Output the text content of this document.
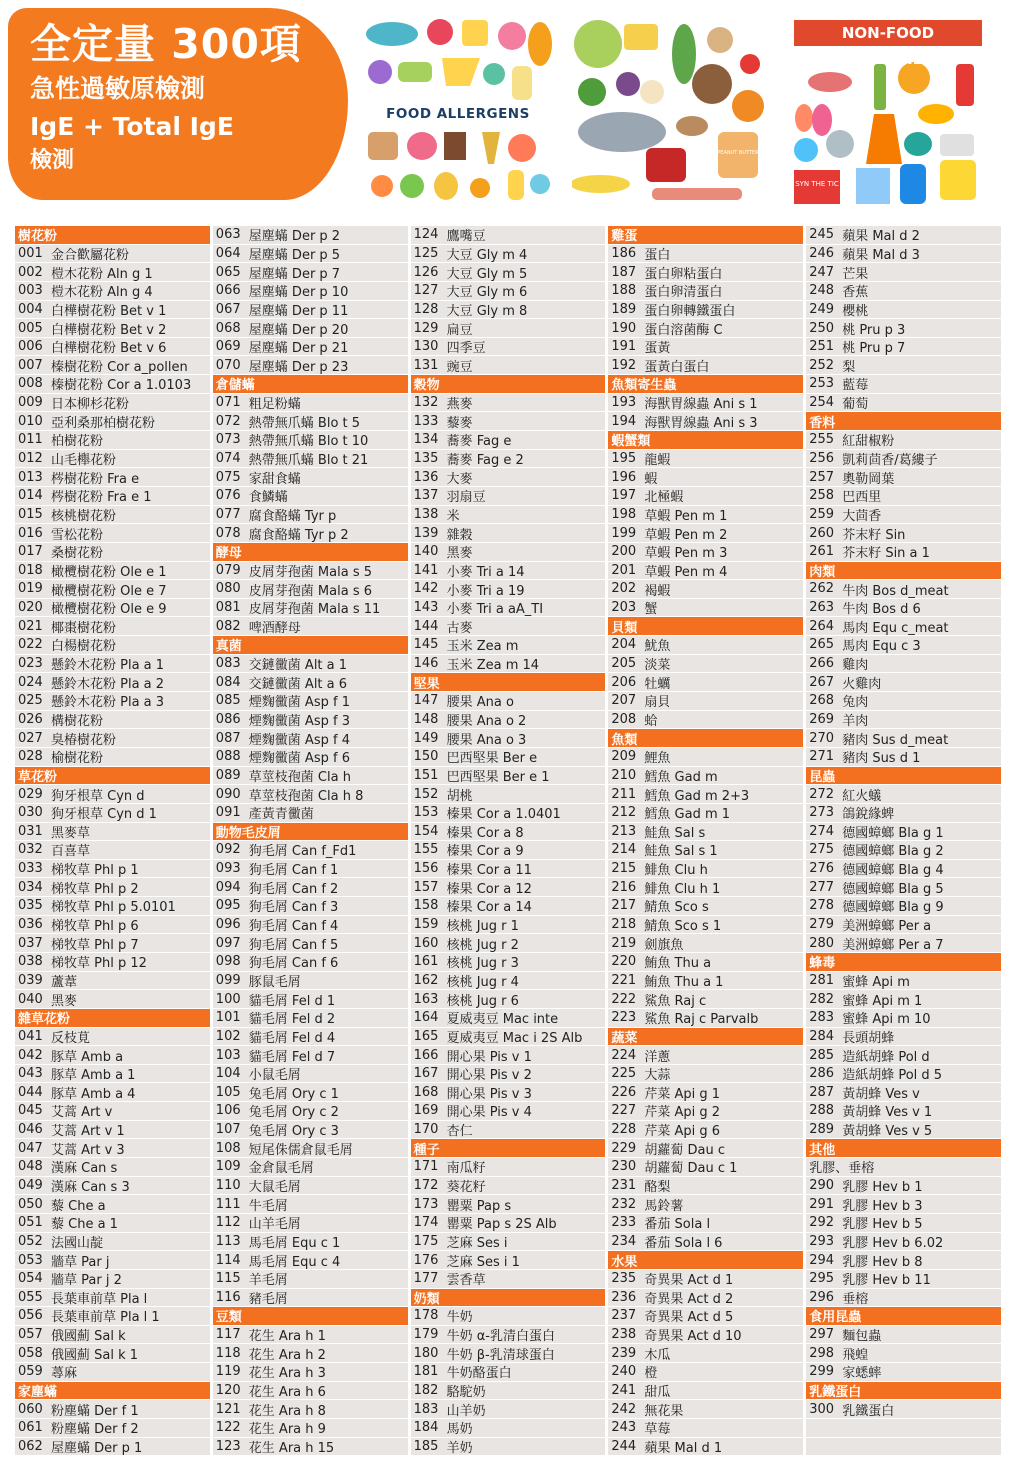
全定量 300項
急性過敏原檢測
IgE + Total IgE
檢測
FOOD ALLERGENS
PEANUT BUTTER
SYN THE TIC
NON-FOOD ALLERGIES
樹花粉
001 金合歡屬花粉
002 榿木花粉 Aln g 1
003 榿木花粉 Aln g 4
004 白樺樹花粉 Bet v 1
005 白樺樹花粉 Bet v 2
006 白樺樹花粉 Bet v 6
007 榛樹花粉 Cor a_pollen
008 榛樹花粉 Cor a 1.0103
009 日本柳杉花粉
010 亞利桑那柏樹花粉
011 柏樹花粉
012 山毛櫸花粉
013 梣樹花粉 Fra e
014 梣樹花粉 Fra e 1
015 核桃樹花粉
016 雪松花粉
017 桑樹花粉
018 橄欖樹花粉 Ole e 1
019 橄欖樹花粉 Ole e 7
020 橄欖樹花粉 Ole e 9
021 椰棗樹花粉
022 白楊樹花粉
023 懸鈴木花粉 Pla a 1
024 懸鈴木花粉 Pla a 2
025 懸鈴木花粉 Pla a 3
026 構樹花粉
027 臭椿樹花粉
028 榆樹花粉
草花粉
029 狗牙根草 Cyn d
030 狗牙根草 Cyn d 1
031 黑麥草
032 百喜草
033 梯牧草 Phl p 1
034 梯牧草 Phl p 2
035 梯牧草 Phl p 5.0101
036 梯牧草 Phl p 6
037 梯牧草 Phl p 7
038 梯牧草 Phl p 12
039 蘆葦
040 黑麥
雜草花粉
041 反枝莧
042 豚草 Amb a
043 豚草 Amb a 1
044 豚草 Amb a 4
045 艾蒿 Art v
046 艾蒿 Art v 1
047 艾蒿 Art v 3
048 漢麻 Can s
049 漢麻 Can s 3
050 藜 Che a
051 藜 Che a 1
052 法國山靛
053 牆草 Par j
054 牆草 Par j 2
055 長葉車前草 Pla l
056 長葉車前草 Pla l 1
057 俄國薊 Sal k
058 俄國薊 Sal k 1
059 蕁麻
家塵蟎
060 粉塵蟎 Der f 1
061 粉塵蟎 Der f 2
062 屋塵蟎 Der p 1
063 屋塵蟎 Der p 2
064 屋塵蟎 Der p 5
065 屋塵蟎 Der p 7
066 屋塵蟎 Der p 10
067 屋塵蟎 Der p 11
068 屋塵蟎 Der p 20
069 屋塵蟎 Der p 21
070 屋塵蟎 Der p 23
倉儲蟎
071 粗足粉蟎
072 熱帶無爪蟎 Blo t 5
073 熱帶無爪蟎 Blo t 10
074 熱帶無爪蟎 Blo t 21
075 家甜食蟎
076 食鱗蟎
077 腐食酪蟎 Tyr p
078 腐食酪蟎 Tyr p 2
酵母
079 皮屑芽孢菌 Mala s 5
080 皮屑芽孢菌 Mala s 6
081 皮屑芽孢菌 Mala s 11
082 啤酒酵母
真菌
083 交鏈黴菌 Alt a 1
084 交鏈黴菌 Alt a 6
085 煙麴黴菌 Asp f 1
086 煙麴黴菌 Asp f 3
087 煙麴黴菌 Asp f 4
088 煙麴黴菌 Asp f 6
089 草莖枝孢菌 Cla h
090 草莖枝孢菌 Cla h 8
091 產黃青黴菌
動物毛皮屑
092 狗毛屑 Can f_Fd1
093 狗毛屑 Can f 1
094 狗毛屑 Can f 2
095 狗毛屑 Can f 3
096 狗毛屑 Can f 4
097 狗毛屑 Can f 5
098 狗毛屑 Can f 6
099 豚鼠毛屑
100 貓毛屑 Fel d 1
101 貓毛屑 Fel d 2
102 貓毛屑 Fel d 4
103 貓毛屑 Fel d 7
104 小鼠毛屑
105 兔毛屑 Ory c 1
106 兔毛屑 Ory c 2
107 兔毛屑 Ory c 3
108 短尾侏儒倉鼠毛屑
109 金倉鼠毛屑
110 大鼠毛屑
111 牛毛屑
112 山羊毛屑
113 馬毛屑 Equ c 1
114 馬毛屑 Equ c 4
115 羊毛屑
116 豬毛屑
豆類
117 花生 Ara h 1
118 花生 Ara h 2
119 花生 Ara h 3
120 花生 Ara h 6
121 花生 Ara h 8
122 花生 Ara h 9
123 花生 Ara h 15
124 鷹嘴豆
125 大豆 Gly m 4
126 大豆 Gly m 5
127 大豆 Gly m 6
128 大豆 Gly m 8
129 扁豆
130 四季豆
131 豌豆
穀物
132 燕麥
133 藜麥
134 蕎麥 Fag e
135 蕎麥 Fag e 2
136 大麥
137 羽扇豆
138 米
139 雜穀
140 黑麥
141 小麥 Tri a 14
142 小麥 Tri a 19
143 小麥 Tri a aA_TI
144 古麥
145 玉米 Zea m
146 玉米 Zea m 14
堅果
147 腰果 Ana o
148 腰果 Ana o 2
149 腰果 Ana o 3
150 巴西堅果 Ber e
151 巴西堅果 Ber e 1
152 胡桃
153 榛果 Cor a 1.0401
154 榛果 Cor a 8
155 榛果 Cor a 9
156 榛果 Cor a 11
157 榛果 Cor a 12
158 榛果 Cor a 14
159 核桃 Jug r 1
160 核桃 Jug r 2
161 核桃 Jug r 3
162 核桃 Jug r 4
163 核桃 Jug r 6
164 夏威夷豆 Mac inte
165 夏威夷豆 Mac i 2S Alb
166 開心果 Pis v 1
167 開心果 Pis v 2
168 開心果 Pis v 3
169 開心果 Pis v 4
170 杏仁
種子
171 南瓜籽
172 葵花籽
173 罌粟 Pap s
174 罌粟 Pap s 2S Alb
175 芝麻 Ses i
176 芝麻 Ses i 1
177 雲香草
奶類
178 牛奶
179 牛奶 α-乳清白蛋白
180 牛奶 β-乳清球蛋白
181 牛奶酪蛋白
182 駱駝奶
183 山羊奶
184 馬奶
185 羊奶
雞蛋
186 蛋白
187 蛋白卵粘蛋白
188 蛋白卵清蛋白
189 蛋白卵轉鐵蛋白
190 蛋白溶菌酶 C
191 蛋黃
192 蛋黃白蛋白
魚類寄生蟲
193 海獸胃線蟲 Ani s 1
194 海獸胃線蟲 Ani s 3
蝦蟹類
195 龍蝦
196 蝦
197 北極蝦
198 草蝦 Pen m 1
199 草蝦 Pen m 2
200 草蝦 Pen m 3
201 草蝦 Pen m 4
202 褐蝦
203 蟹
貝類
204 魷魚
205 淡菜
206 牡蠣
207 扇貝
208 蛤
魚類
209 鯉魚
210 鱈魚 Gad m
211 鱈魚 Gad m 2+3
212 鱈魚 Gad m 1
213 鮭魚 Sal s
214 鮭魚 Sal s 1
215 鯡魚 Clu h
216 鯡魚 Clu h 1
217 鯖魚 Sco s
218 鯖魚 Sco s 1
219 劍旗魚
220 鮪魚 Thu a
221 鮪魚 Thu a 1
222 鯊魚 Raj c
223 鯊魚 Raj c Parvalb
蔬菜
224 洋蔥
225 大蒜
226 芹菜 Api g 1
227 芹菜 Api g 2
228 芹菜 Api g 6
229 胡蘿蔔 Dau c
230 胡蘿蔔 Dau c 1
231 酪梨
232 馬鈴薯
233 番茄 Sola l
234 番茄 Sola l 6
水果
235 奇異果 Act d 1
236 奇異果 Act d 2
237 奇異果 Act d 5
238 奇異果 Act d 10
239 木瓜
240 橙
241 甜瓜
242 無花果
243 草莓
244 蘋果 Mal d 1
245 蘋果 Mal d 2
246 蘋果 Mal d 3
247 芒果
248 香蕉
249 櫻桃
250 桃 Pru p 3
251 桃 Pru p 7
252 梨
253 藍莓
254 葡萄
香料
255 紅甜椒粉
256 凱莉茴香/葛縷子
257 奧勒岡葉
258 巴西里
259 大茴香
260 芥末籽 Sin
261 芥末籽 Sin a 1
肉類
262 牛肉 Bos d_meat
263 牛肉 Bos d 6
264 馬肉 Equ c_meat
265 馬肉 Equ c 3
266 雞肉
267 火雞肉
268 兔肉
269 羊肉
270 豬肉 Sus d_meat
271 豬肉 Sus d 1
昆蟲
272 紅火蟻
273 鴿銳緣蜱
274 德國蟑螂 Bla g 1
275 德國蟑螂 Bla g 2
276 德國蟑螂 Bla g 4
277 德國蟑螂 Bla g 5
278 德國蟑螂 Bla g 9
279 美洲蟑螂 Per a
280 美洲蟑螂 Per a 7
蜂毒
281 蜜蜂 Api m
282 蜜蜂 Api m 1
283 蜜蜂 Api m 10
284 長頭胡蜂
285 造紙胡蜂 Pol d
286 造紙胡蜂 Pol d 5
287 黃胡蜂 Ves v
288 黃胡蜂 Ves v 1
289 黃胡蜂 Ves v 5
其他
乳膠、垂榕
290 乳膠 Hev b 1
291 乳膠 Hev b 3
292 乳膠 Hev b 5
293 乳膠 Hev b 6.02
294 乳膠 Hev b 8
295 乳膠 Hev b 11
296 垂榕
食用昆蟲
297 麵包蟲
298 飛蝗
299 家蟋蟀
乳鐵蛋白
300 乳鐵蛋白
